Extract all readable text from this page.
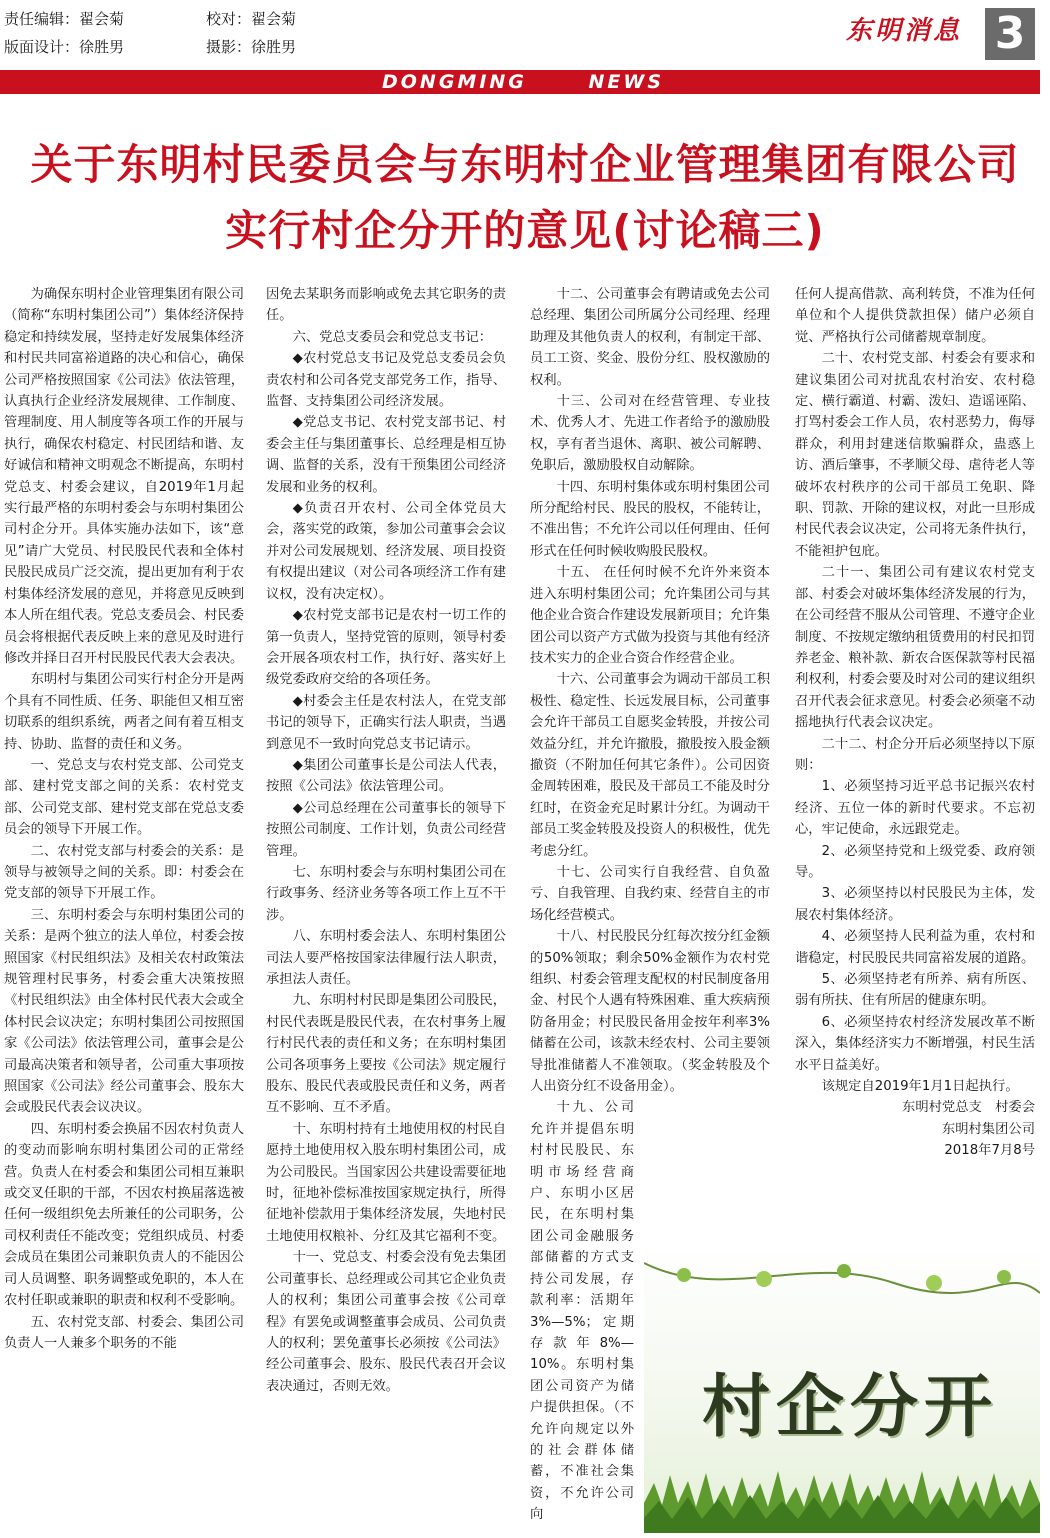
责任编辑：翟会菊	校对：翟会菊
版面设计：徐胜男	摄影：徐胜男
东明消息 3
DONGMING	NEWS
关于东明村民委员会与东明村企业管理集团有限公司
实行村企分开的意见(讨论稿三)

为确保东明村企业管理集团有限公司（简称“东明村集团公司”）集体经济保持稳定和持续发展，坚持走好发展集体经济和村民共同富裕道路的决心和信心，确保公司严格按照国家《公司法》依法管理，认真执行企业经济发展规律、工作制度、管理制度、用人制度等各项工作的开展与执行，确保农村稳定、村民团结和谐、友好诚信和精神文明观念不断提高，东明村党总支、村委会建议，自2019年1月起实行最严格的东明村委会与东明村集团公司村企分开。具体实施办法如下，该“意见”请广大党员、村民股民代表和全体村民股民成员广泛交流，提出更加有利于农村集体经济发展的意见，并将意见反映到本人所在组代表。党总支委员会、村民委员会将根据代表反映上来的意见及时进行修改并择日召开村民股民代表大会表决。

东明村与集团公司实行村企分开是两个具有不同性质、任务、职能但又相互密切联系的组织系统，两者之间有着互相支持、协助、监督的责任和义务。

一、党总支与农村党支部、公司党支部、建村党支部之间的关系：农村党支部、公司党支部、建村党支部在党总支委员会的领导下开展工作。

二、农村党支部与村委会的关系：是领导与被领导之间的关系。即：村委会在党支部的领导下开展工作。

三、东明村委会与东明村集团公司的关系：是两个独立的法人单位，村委会按照国家《村民组织法》及相关农村政策法规管理村民事务，村委会重大决策按照《村民组织法》由全体村民代表大会或全体村民会议决定；东明村集团公司按照国家《公司法》依法管理公司，董事会是公司最高决策者和领导者，公司重大事项按照国家《公司法》经公司董事会、股东大会或股民代表会议决议。

四、东明村委会换届不因农村负责人的变动而影响东明村集团公司的正常经营。负责人在村委会和集团公司相互兼职或交叉任职的干部，不因农村换届落选被任何一级组织免去所兼任的公司职务，公司权利责任不能改变；党组织成员、村委会成员在集团公司兼职负责人的不能因公司人员调整、职务调整或免职的，本人在农村任职或兼职的职责和权利不受影响。

五、农村党支部、村委会、集团公司负责人一人兼多个职务的不能

因免去某职务而影响或免去其它职务的责任。

六、党总支委员会和党总支书记：

◆农村党总支书记及党总支委员会负责农村和公司各党支部党务工作，指导、监督、支持集团公司经济发展。

◆党总支书记、农村党支部书记、村委会主任与集团董事长、总经理是相互协调、监督的关系，没有干预集团公司经济发展和业务的权利。

◆负责召开农村、公司全体党员大会，落实党的政策，参加公司董事会会议并对公司发展规划、经济发展、项目投资有权提出建议（对公司各项经济工作有建议权，没有决定权）。

◆农村党支部书记是农村一切工作的第一负责人，坚持党管的原则，领导村委会开展各项农村工作，执行好、落实好上级党委政府交给的各项任务。

◆村委会主任是农村法人，在党支部书记的领导下，正确实行法人职责，当遇到意见不一致时向党总支书记请示。

◆集团公司董事长是公司法人代表，按照《公司法》依法管理公司。

◆公司总经理在公司董事长的领导下按照公司制度、工作计划，负责公司经营管理。

七、东明村委会与东明村集团公司在行政事务、经济业务等各项工作上互不干涉。

八、东明村委会法人、东明村集团公司法人要严格按国家法律履行法人职责，承担法人责任。

九、东明村村民即是集团公司股民，村民代表既是股民代表，在农村事务上履行村民代表的责任和义务；在东明村集团公司各项事务上要按《公司法》规定履行股东、股民代表或股民责任和义务，两者互不影响、互不矛盾。

十、东明村持有土地使用权的村民自愿持土地使用权入股东明村集团公司，成为公司股民。当国家因公共建设需要征地时，征地补偿标准按国家规定执行，所得征地补偿款用于集体经济发展，失地村民土地使用权粮补、分红及其它福利不变。

十一、党总支、村委会没有免去集团公司董事长、总经理或公司其它企业负责人的权利；集团公司董事会按《公司章程》有罢免或调整董事会成员、公司负责人的权利；罢免董事长必须按《公司法》经公司董事会、股东、股民代表召开会议表决通过，否则无效。

十二、公司董事会有聘请或免去公司总经理、集团公司所属分公司经理、经理助理及其他负责人的权利，有制定干部、员工工资、奖金、股份分红、股权激励的权利。

十三、公司对在经营管理、专业技术、优秀人才、先进工作者给予的激励股权，享有者当退休、离职、被公司解聘、免职后，激励股权自动解除。

十四、东明村集体或东明村集团公司所分配给村民、股民的股权，不能转让，不准出售；不允许公司以任何理由、任何形式在任何时候收购股民股权。

十五、 在任何时候不允许外来资本进入东明村集团公司；允许集团公司与其他企业合资合作建设发展新项目；允许集团公司以资产方式做为投资与其他有经济技术实力的企业合资合作经营企业。

十六、公司董事会为调动干部员工积极性、稳定性、长远发展目标，公司董事会允许干部员工自愿奖金转股，并按公司效益分红，并允许撤股，撤股按入股金额撤资（不附加任何其它条件）。公司因资金周转困难，股民及干部员工不能及时分红时，在资金充足时累计分红。为调动干部员工奖金转股及投资人的积极性，优先考虑分红。

十七、公司实行自我经营、自负盈亏、自我管理、自我约束、经营自主的市场化经营模式。

十八、村民股民分红每次按分红金额的50%领取；剩余50%金额作为农村党组织、村委会管理支配权的村民制度备用金、村民个人遇有特殊困难、重大疾病预防备用金；村民股民备用金按年利率3%储蓄在公司，该款未经农村、公司主要领导批准储蓄人不准领取。（奖金转股及个人出资分红不设备用金）。

十九、公司允许并提倡东明村村民股民、东明市场经营商户、东明小区居民，在东明村集团公司金融服务部储蓄的方式支持公司发展，存款利率：活期年3%—5%；定期存款年8%—10%。东明村集团公司资产为储户提供担保。（不允许向规定以外的社会群体储蓄，不准社会集资，不允许公司向

任何人提高借款、高利转贷，不准为任何单位和个人提供贷款担保）储户必须自觉、严格执行公司储蓄规章制度。

二十、农村党支部、村委会有要求和建议集团公司对扰乱农村治安、农村稳定、横行霸道、村霸、泼妇、造谣诬陷、打骂村委会工作人员，农村恶势力，侮辱群众，利用封建迷信欺骗群众，蛊惑上访、酒后肇事，不孝顺父母、虐待老人等破坏农村秩序的公司干部员工免职、降职、罚款、开除的建议权，对此一旦形成村民代表会议决定，公司将无条件执行，不能袒护包庇。

二十一、集团公司有建议农村党支部、村委会对破坏集体经济发展的行为，在公司经营不服从公司管理、不遵守企业制度、不按规定缴纳租赁费用的村民扣罚养老金、粮补款、新农合医保款等村民福利权利，村委会要及时对公司的建议组织召开代表会征求意见。村委会必须毫不动摇地执行代表会议决定。

二十二、村企分开后必须坚持以下原则：

1、必须坚持习近平总书记振兴农村经济、五位一体的新时代要求。不忘初心，牢记使命，永远跟党走。

2、必须坚持党和上级党委、政府领导。

3、必须坚持以村民股民为主体，发展农村集体经济。

4、必须坚持人民利益为重，农村和谐稳定，村民股民共同富裕发展的道路。

5、必须坚持老有所养、病有所医、弱有所扶、住有所居的健康东明。

6、必须坚持农村经济发展改革不断深入，集体经济实力不断增强，村民生活水平日益美好。

该规定自2019年1月1日起执行。

东明村党总支　村委会

东明村集团公司

2018年7月8号

村企分开
